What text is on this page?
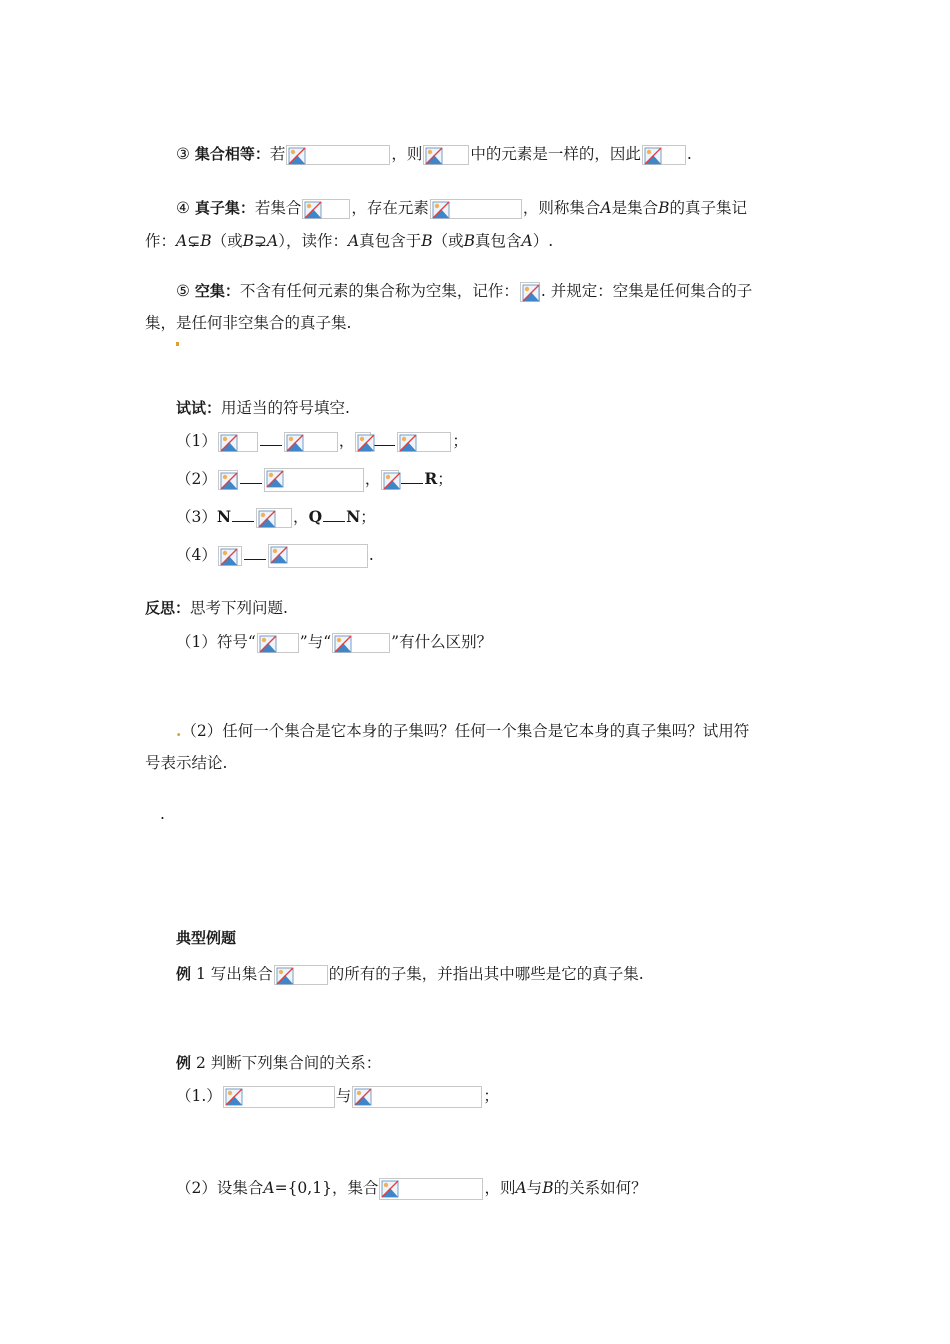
③ 集合相等：若	，则	中的元素是一样的，因此	.
④ 真子集：若集合	，存在元素	，则称集合A是集合B的真子集记
作：A⊊B（或B⊋A），读作：A真包含于B（或B真包含A）.
⑤ 空集：不含有任何元素的集合称为空集，记作： . 并规定：空集是任何集合的子
集，是任何非空集合的真子集.
试试：用适当的符号填空.
（1）	，	；
（2）	，	R；
（3）N	，Q N；
（4）	.
反思：思考下列问题.
（1）符号“	”与“	”有什么区别？
.（2）任何一个集合是它本身的子集吗？任何一个集合是它本身的真子集吗？试用符
号表示结论.
.
典型例题
例 1 写出集合	的所有的子集，并指出其中哪些是它的真子集.
例 2 判断下列集合间的关系：
（1.）	与	；
（2）设集合A={0,1}，集合	，则A与B的关系如何？
